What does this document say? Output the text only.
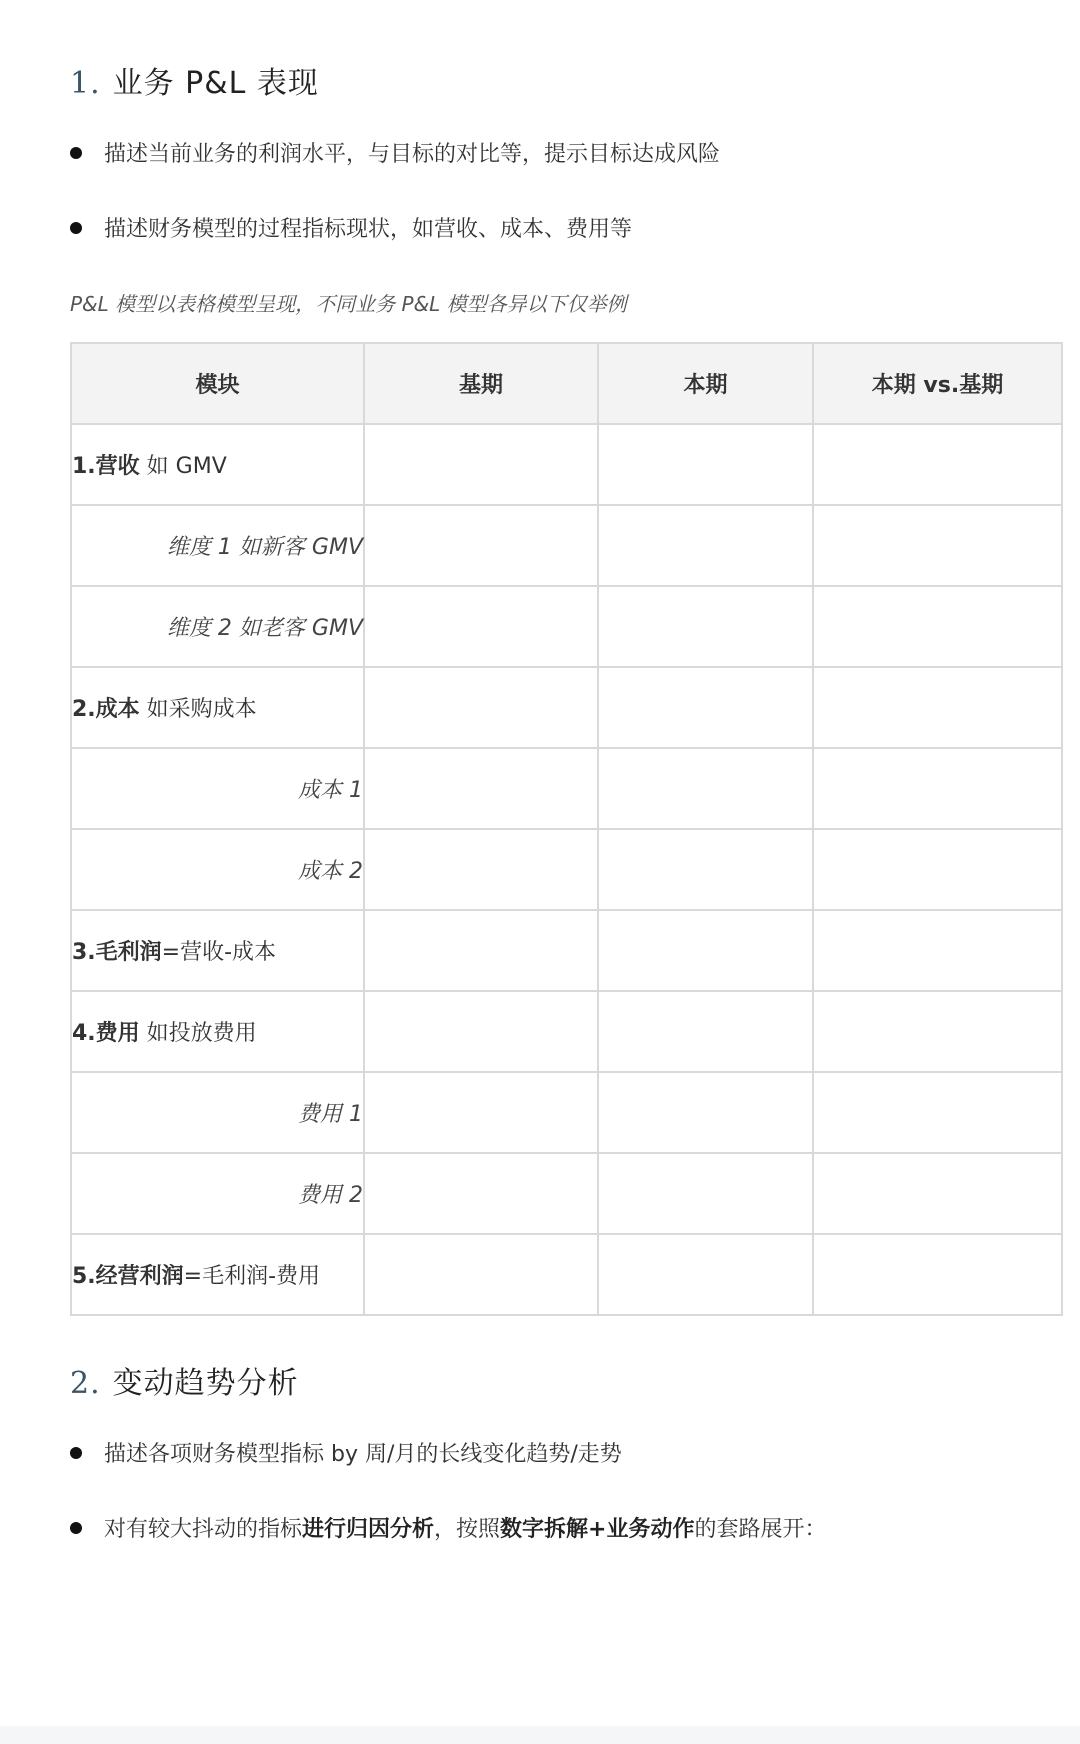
1. 业务 P&L 表现
描述当前业务的利润水平，与目标的对比等，提示目标达成风险
描述财务模型的过程指标现状，如营收、成本、费用等
P&L 模型以表格模型呈现，不同业务 P&L 模型各异以下仅举例
模块	基期	本期	本期 vs.基期
1.营收 如 GMV			
维度 1 如新客 GMV			
维度 2 如老客 GMV			
2.成本 如采购成本			
成本 1			
成本 2			
3.毛利润=营收-成本			
4.费用 如投放费用			
费用 1			
费用 2			
5.经营利润=毛利润-费用			
2. 变动趋势分析
描述各项财务模型指标 by 周/月的长线变化趋势/走势
对有较大抖动的指标进行归因分析，按照数字拆解+业务动作的套路展开：
